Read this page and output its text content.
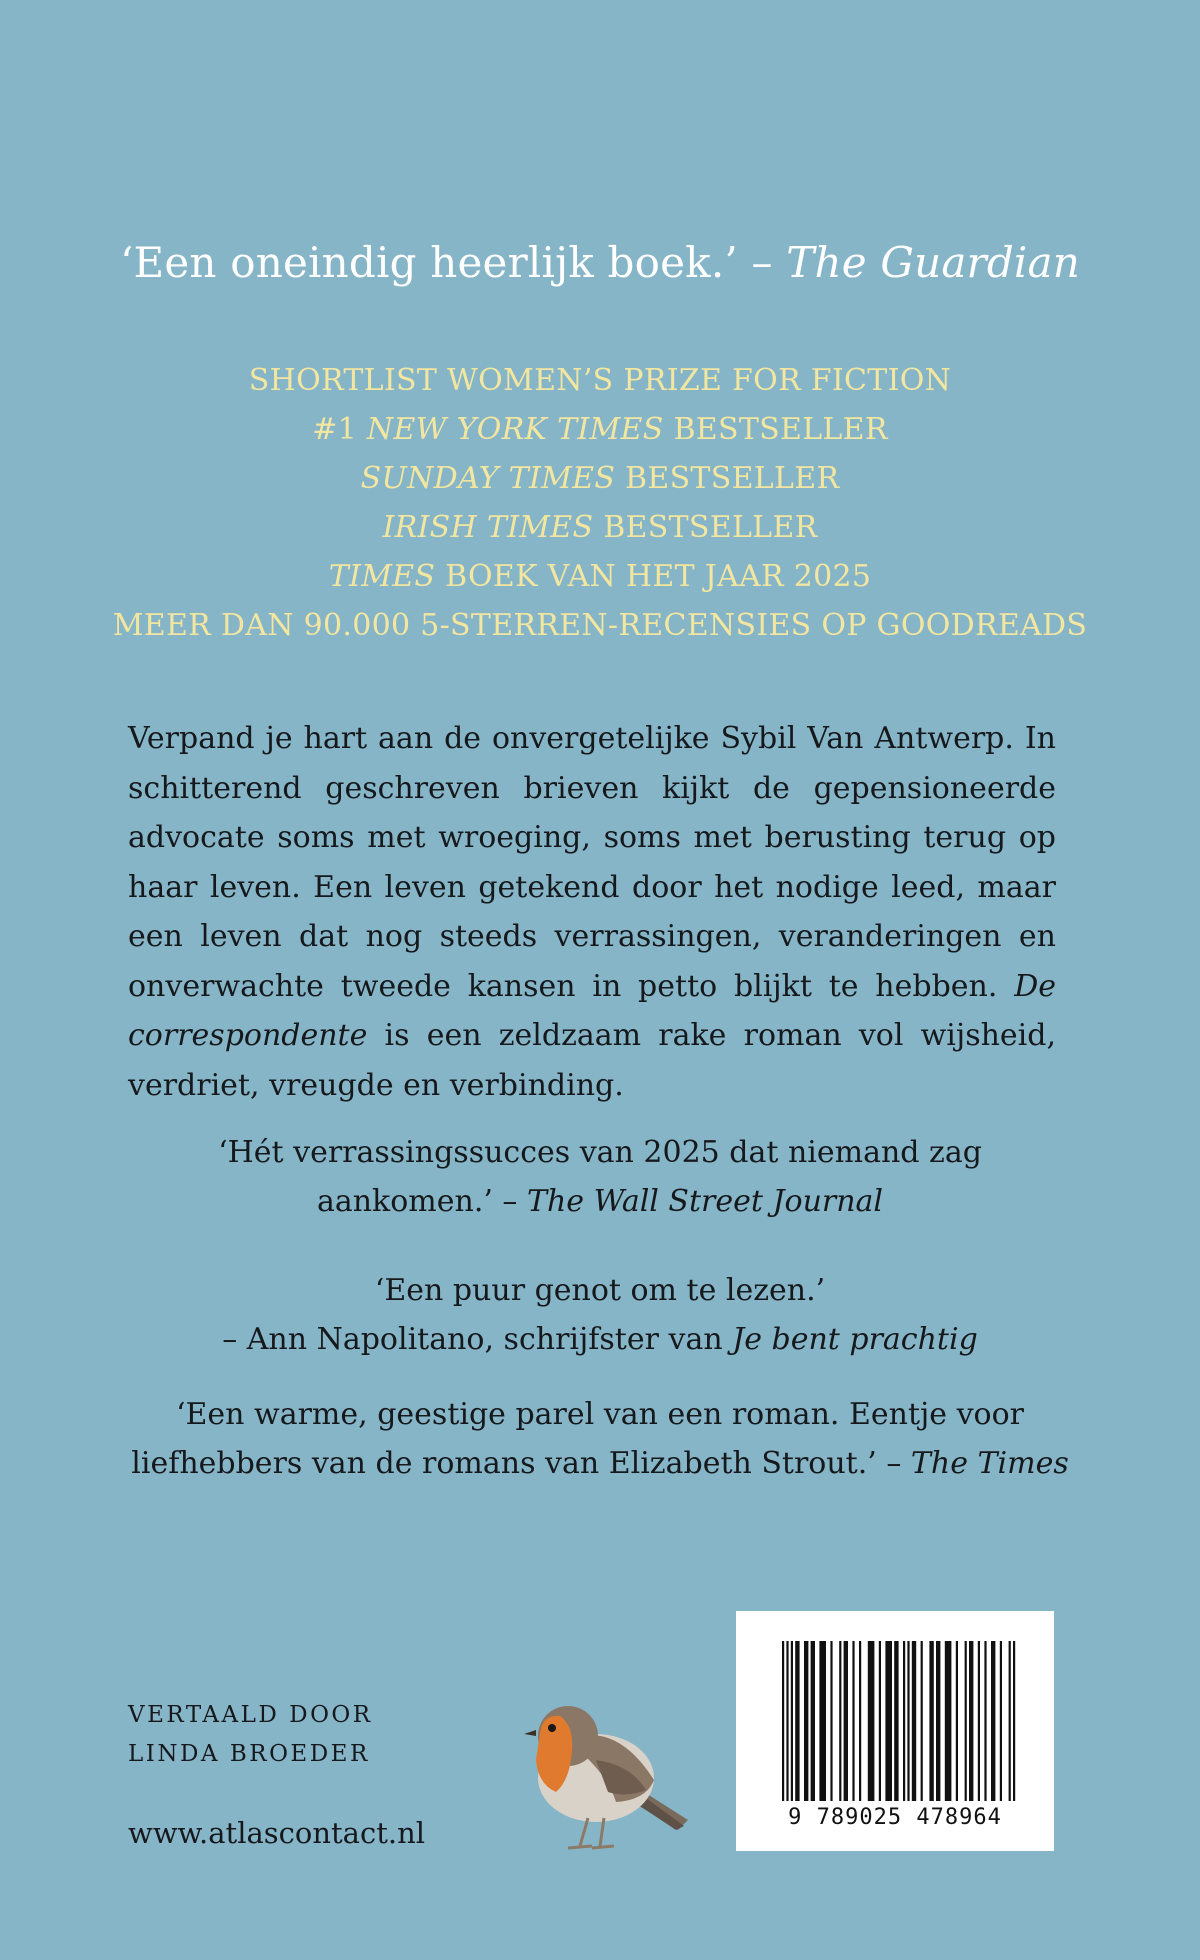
‘Een oneindig heerlijk boek.’ – The Guardian
SHORTLIST WOMEN’S PRIZE FOR FICTION
#1 NEW YORK TIMES BESTSELLER
SUNDAY TIMES BESTSELLER
IRISH TIMES BESTSELLER
TIMES BOEK VAN HET JAAR 2025
MEER DAN 90.000 5-STERREN-RECENSIES OP GOODREADS

Verpand je hart aan de onvergetelijke Sybil Van Antwerp. In schitterend geschreven brieven kijkt de gepensioneerde advocate soms met wroeging, soms met berusting terug op haar leven. Een leven getekend door het nodige leed, maar een leven dat nog steeds verrassingen, veranderingen en onverwachte tweede kansen in petto blijkt te hebben. De correspondente is een zeldzaam rake roman vol wijsheid, verdriet, vreugde en verbinding.

‘Hét verrassingssucces van 2025 dat niemand zag
aankomen.’ – The Wall Street Journal
‘Een puur genot om te lezen.’
– Ann Napolitano, schrijfster van Je bent prachtig
‘Een warme, geestige parel van een roman. Eentje voor
liefhebbers van de romans van Elizabeth Strout.’ – The Times
VERTAALD DOOR
LINDA BROEDER
www.atlascontact.nl	9 789025 478964
